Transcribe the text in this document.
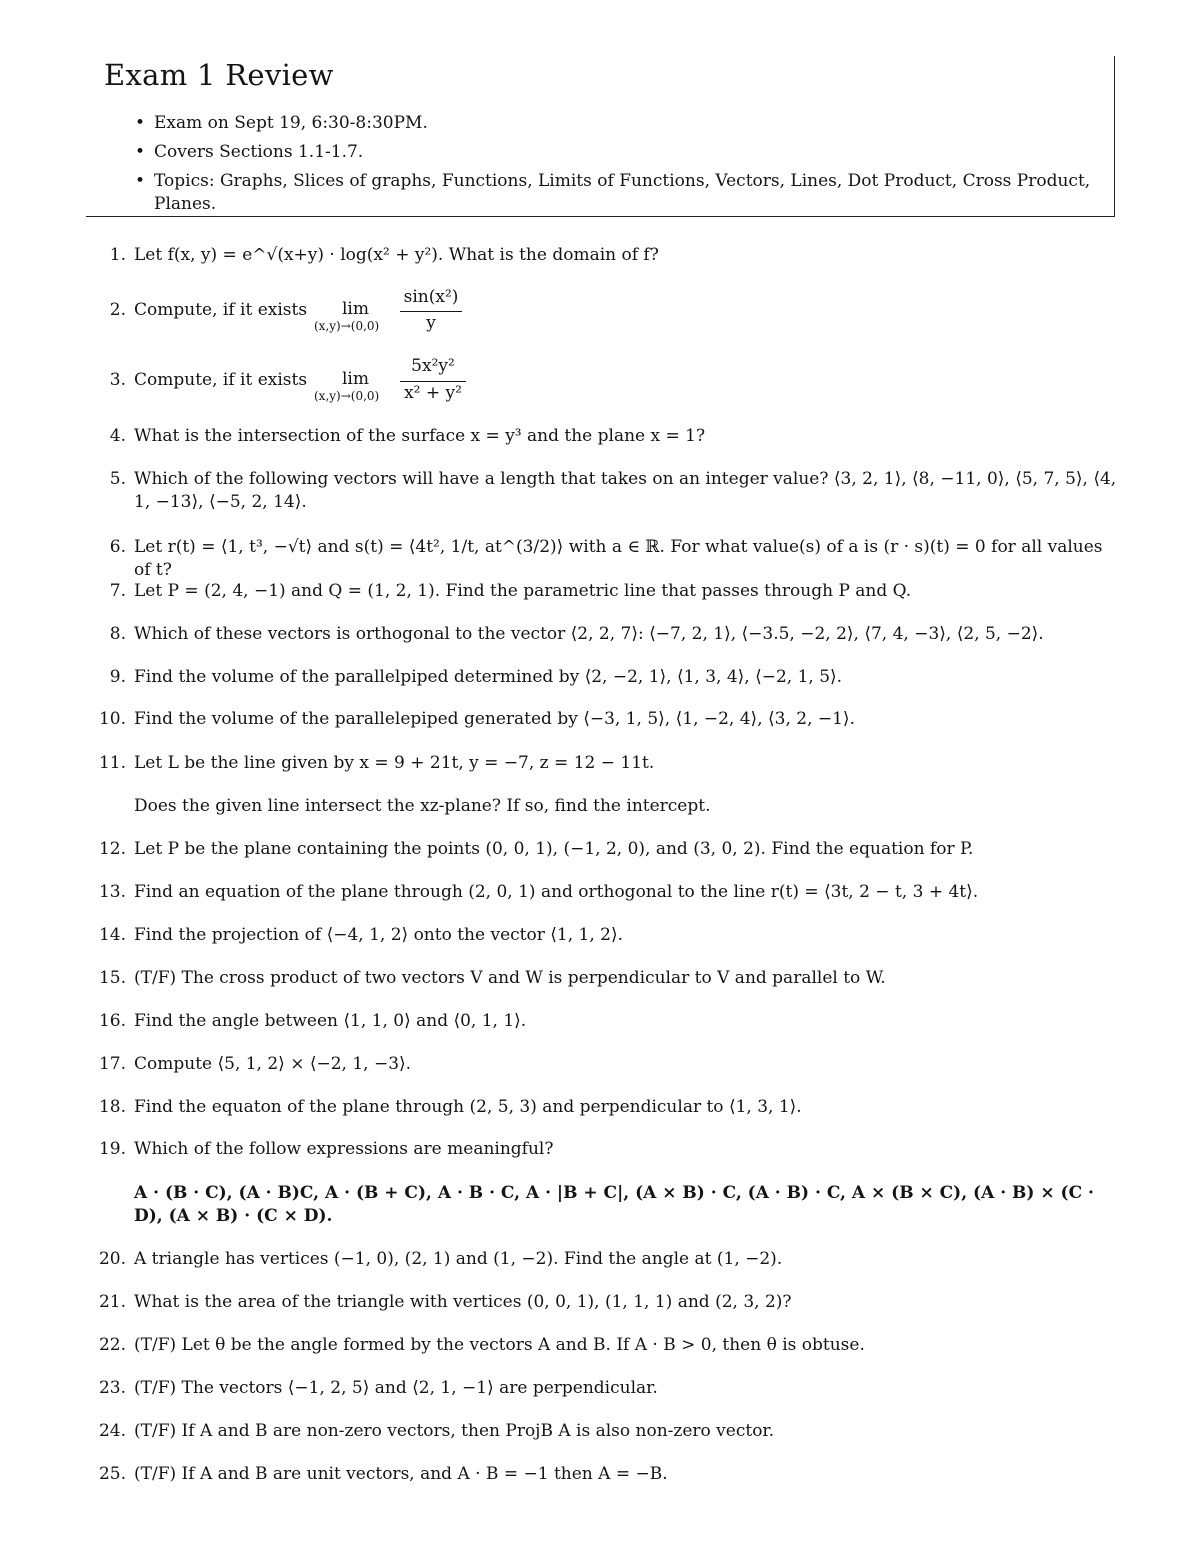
Exam 1 Review
• Exam on Sept 19, 6:30-8:30PM.
• Covers Sections 1.1-1.7.
• Topics: Graphs, Slices of graphs, Functions, Limits of Functions, Vectors, Lines, Dot Product, Cross Product, Planes.
1. Let f(x, y) = e^√(x+y) · log(x² + y²). What is the domain of f?
2. Compute, if it exists lim
(x,y)→(0,0)
sin(x²)
y
3. Compute, if it exists lim
(x,y)→(0,0)
5x²y²
x² + y²
4. What is the intersection of the surface x = y³ and the plane x = 1?
5. Which of the following vectors will have a length that takes on an integer value? ⟨3, 2, 1⟩, ⟨8, −11, 0⟩, ⟨5, 7, 5⟩, ⟨4, 1, −13⟩, ⟨−5, 2, 14⟩.
6. Let r(t) = ⟨1, t³, −√t⟩ and s(t) = ⟨4t², 1/t, at^(3/2)⟩ with a ∈ ℝ. For what value(s) of a is (r · s)(t) = 0 for all values of t?
7. Let P = (2, 4, −1) and Q = (1, 2, 1). Find the parametric line that passes through P and Q.
8. Which of these vectors is orthogonal to the vector ⟨2, 2, 7⟩: ⟨−7, 2, 1⟩, ⟨−3.5, −2, 2⟩, ⟨7, 4, −3⟩, ⟨2, 5, −2⟩.
9. Find the volume of the parallelpiped determined by ⟨2, −2, 1⟩, ⟨1, 3, 4⟩, ⟨−2, 1, 5⟩.
10. Find the volume of the parallelepiped generated by ⟨−3, 1, 5⟩, ⟨1, −2, 4⟩, ⟨3, 2, −1⟩.
11. Let L be the line given by x = 9 + 21t, y = −7, z = 12 − 11t.
Does the given line intersect the xz-plane? If so, find the intercept.
12. Let P be the plane containing the points (0, 0, 1), (−1, 2, 0), and (3, 0, 2). Find the equation for P.
13. Find an equation of the plane through (2, 0, 1) and orthogonal to the line r(t) = ⟨3t, 2 − t, 3 + 4t⟩.
14. Find the projection of ⟨−4, 1, 2⟩ onto the vector ⟨1, 1, 2⟩.
15. (T/F) The cross product of two vectors V and W is perpendicular to V and parallel to W.
16. Find the angle between ⟨1, 1, 0⟩ and ⟨0, 1, 1⟩.
17. Compute ⟨5, 1, 2⟩ × ⟨−2, 1, −3⟩.
18. Find the equaton of the plane through (2, 5, 3) and perpendicular to ⟨1, 3, 1⟩.
19. Which of the follow expressions are meaningful?
A · (B · C), (A · B)C, A · (B + C), A · B · C, A · |B + C|, (A × B) · C, (A · B) · C, A × (B × C), (A · B) × (C · D), (A × B) · (C × D).
20. A triangle has vertices (−1, 0), (2, 1) and (1, −2). Find the angle at (1, −2).
21. What is the area of the triangle with vertices (0, 0, 1), (1, 1, 1) and (2, 3, 2)?
22. (T/F) Let θ be the angle formed by the vectors A and B. If A · B > 0, then θ is obtuse.
23. (T/F) The vectors ⟨−1, 2, 5⟩ and ⟨2, 1, −1⟩ are perpendicular.
24. (T/F) If A and B are non-zero vectors, then ProjB A is also non-zero vector.
25. (T/F) If A and B are unit vectors, and A · B = −1 then A = −B.
